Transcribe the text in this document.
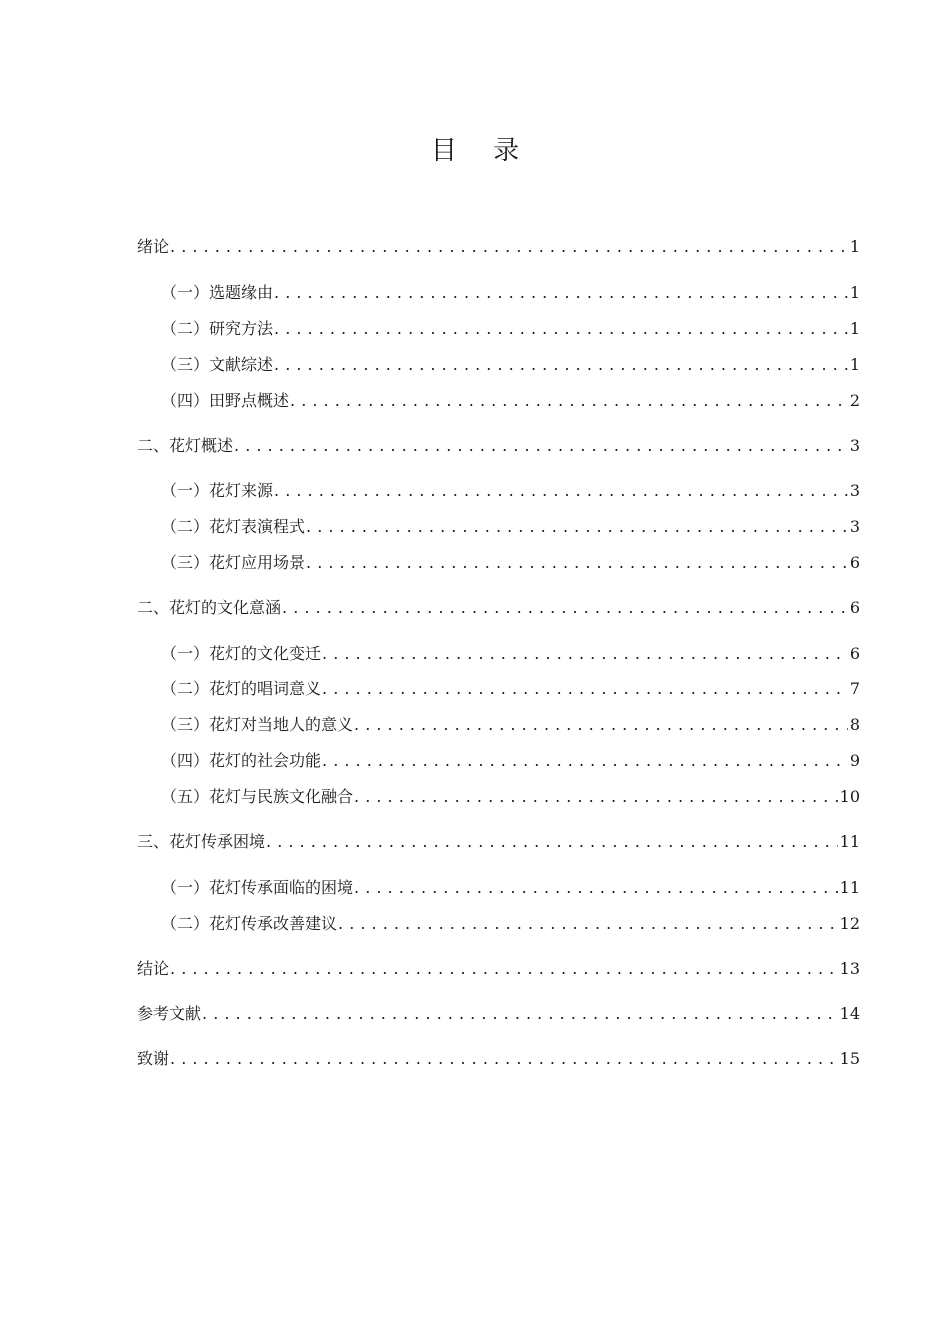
目 录
绪论 . . .	1
（一）选题缘由 . . .	1
（二）研究方法 . . .	1
（三）文献综述 . . .	1
（四）田野点概述 . . .	2
二、花灯概述 . . .	3
（一）花灯来源 . . .	3
（二）花灯表演程式 . . .	3
（三）花灯应用场景 . . .	6
二、花灯的文化意涵 . . .	6
（一）花灯的文化变迁 . . .	6
（二）花灯的唱词意义 . . .	7
（三）花灯对当地人的意义 . . .	8
（四）花灯的社会功能 . . .	9
（五）花灯与民族文化融合 . . .	10
三、花灯传承困境 . . .	11
（一）花灯传承面临的困境 . . .	11
（二）花灯传承改善建议 . . .	12
结论 . . .	13
参考文献 . . .	14
致谢 . . .	15
